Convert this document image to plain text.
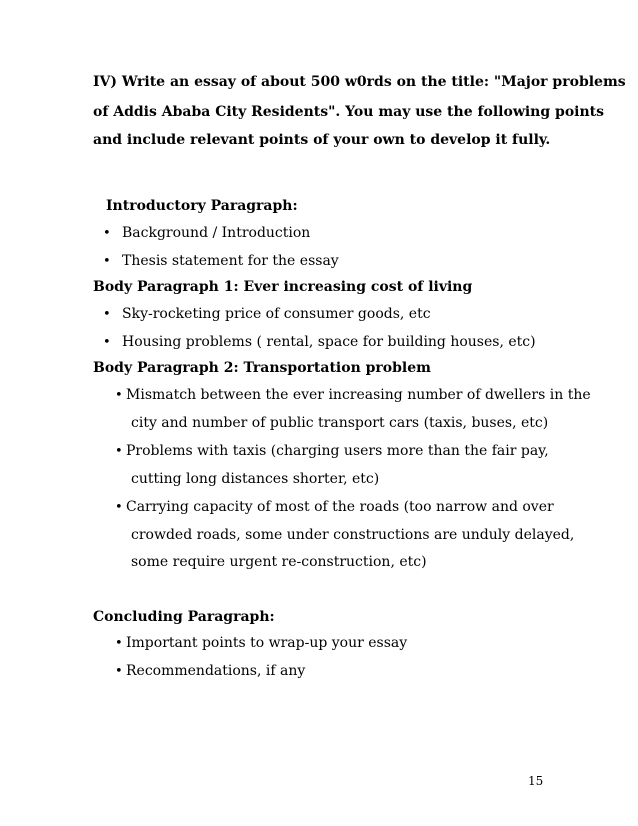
IV) Write an essay of about 500 w0rds on the title: "Major problems
of Addis Ababa City Residents". You may use the following points
and include relevant points of your own to develop it fully.
Introductory Paragraph:
• Background / Introduction
• Thesis statement for the essay
Body Paragraph 1: Ever increasing cost of living
• Sky-rocketing price of consumer goods, etc
• Housing problems ( rental, space for building houses, etc)
Body Paragraph 2: Transportation problem
• Mismatch between the ever increasing number of dwellers in the
city and number of public transport cars (taxis, buses, etc)
• Problems with taxis (charging users more than the fair pay,
cutting long distances shorter, etc)
• Carrying capacity of most of the roads (too narrow and over
crowded roads, some under constructions are unduly delayed,
some require urgent re-construction, etc)
Concluding Paragraph:
• Important points to wrap-up your essay
• Recommendations, if any
15
